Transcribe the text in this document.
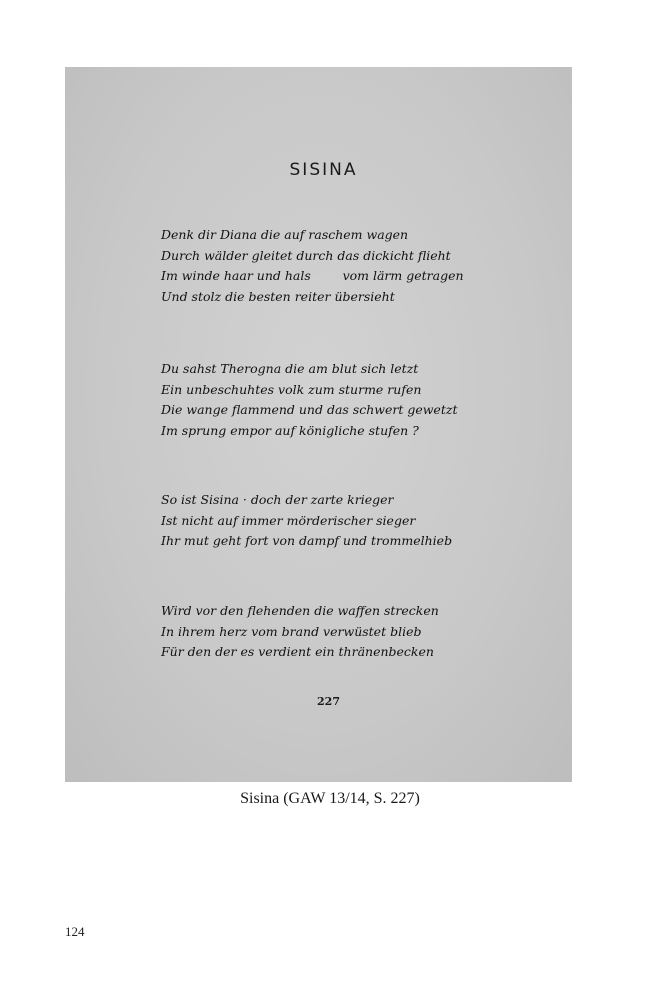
SISINA
Denk dir Diana die auf raschem wagen
Durch wälder gleitet durch das dickicht flieht
Im winde haar und hals        vom lärm getragen
Und stolz die besten reiter übersieht
Du sahst Therogna die am blut sich letzt
Ein unbeschuhtes volk zum sturme rufen
Die wange flammend und das schwert gewetzt
Im sprung empor auf königliche stufen ?
So ist Sisina · doch der zarte krieger
Ist nicht auf immer mörderischer sieger
Ihr mut geht fort von dampf und trommelhieb
Wird vor den flehenden die waffen strecken
In ihrem herz vom brand verwüstet blieb
Für den der es verdient ein thränenbecken
227
Sisina (GAW 13/14, S. 227)
124
